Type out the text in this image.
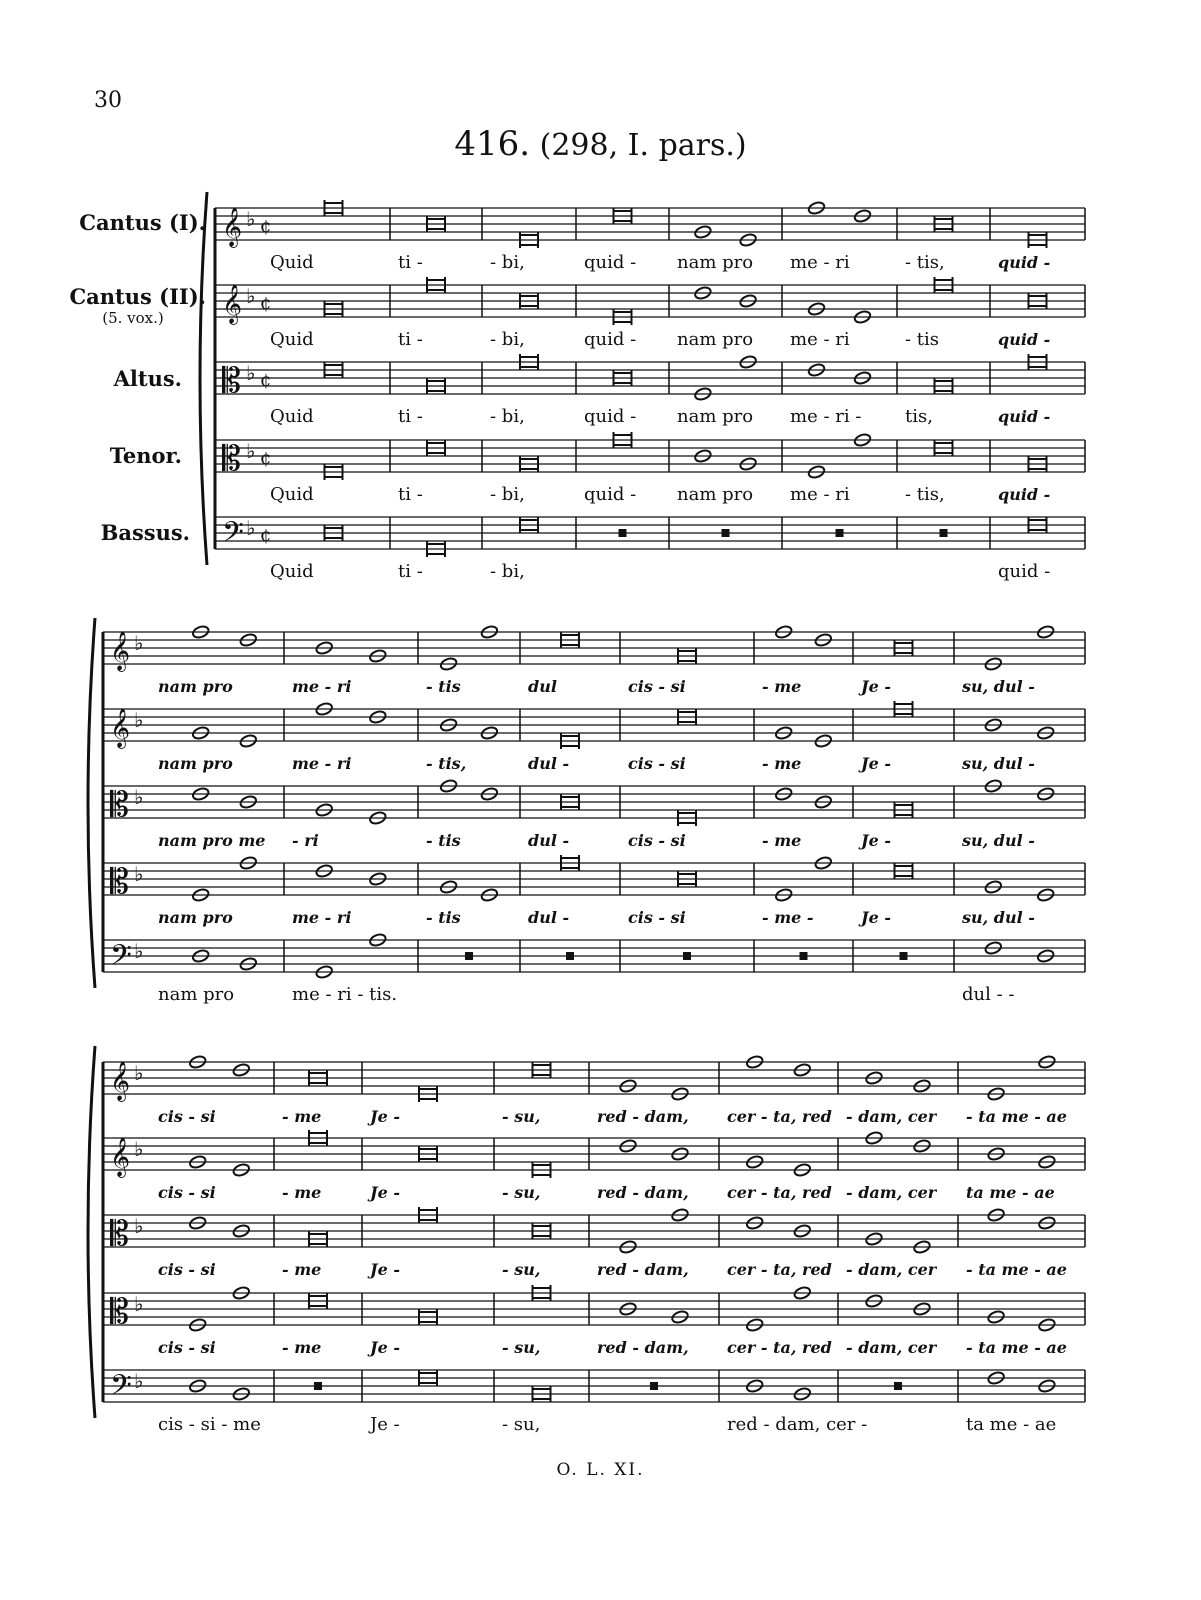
30
416. (298, I. pars.)
Cantus (I).
Cantus (II).
(5. vox.)
Altus.
Tenor.
Bassus.
𝄞 ♭ ¢
𝄞 ♭ ¢
𝄡 ♭ ¢
𝄡 ♭ ¢
𝄢 ♭ ¢
Quid	ti -	- bi,	quid - nam pro me - ri	- tis,	quid -
Quid	ti -	- bi,	quid - nam pro me - ri	- tis	quid -
Quid	ti -	- bi,	quid - nam pro me - ri - tis,	quid -
Quid	ti -	- bi,	quid - nam pro me - ri	- tis,	quid -
Quid	ti -	- bi,	quid -
𝄞 ♭
𝄞 ♭
𝄡 ♭
𝄡 ♭
𝄢 ♭
nam pro	me - ri	- tis	dul	cis - si	- me	Je -	su, dul -
nam pro	me - ri	- tis,	dul -	cis - si	- me	Je -	su, dul -
nam pro me - ri	- tis	dul -	cis - si	- me	Je -	su, dul -
nam pro	me - ri	- tis	dul -	cis - si	- me -	Je -	su, dul -
nam pro	me - ri - tis.	dul - -
𝄞 ♭
𝄞 ♭
𝄡 ♭
𝄡 ♭
𝄢 ♭
cis - si	- me	Je -	- su,	red - dam, cer - ta, red - dam, cer - ta me - ae
cis - si	- me	Je -	- su,	red - dam, cer - ta, red - dam, cer ta me - ae
cis - si	- me	Je -	- su,	red - dam, cer - ta, red - dam, cer - ta me - ae
cis - si	- me	Je -	- su,	red - dam, cer - ta, red - dam, cer - ta me - ae
cis - si - me	Je -	- su,	red - dam, cer -	ta me - ae
O. L. XI.
